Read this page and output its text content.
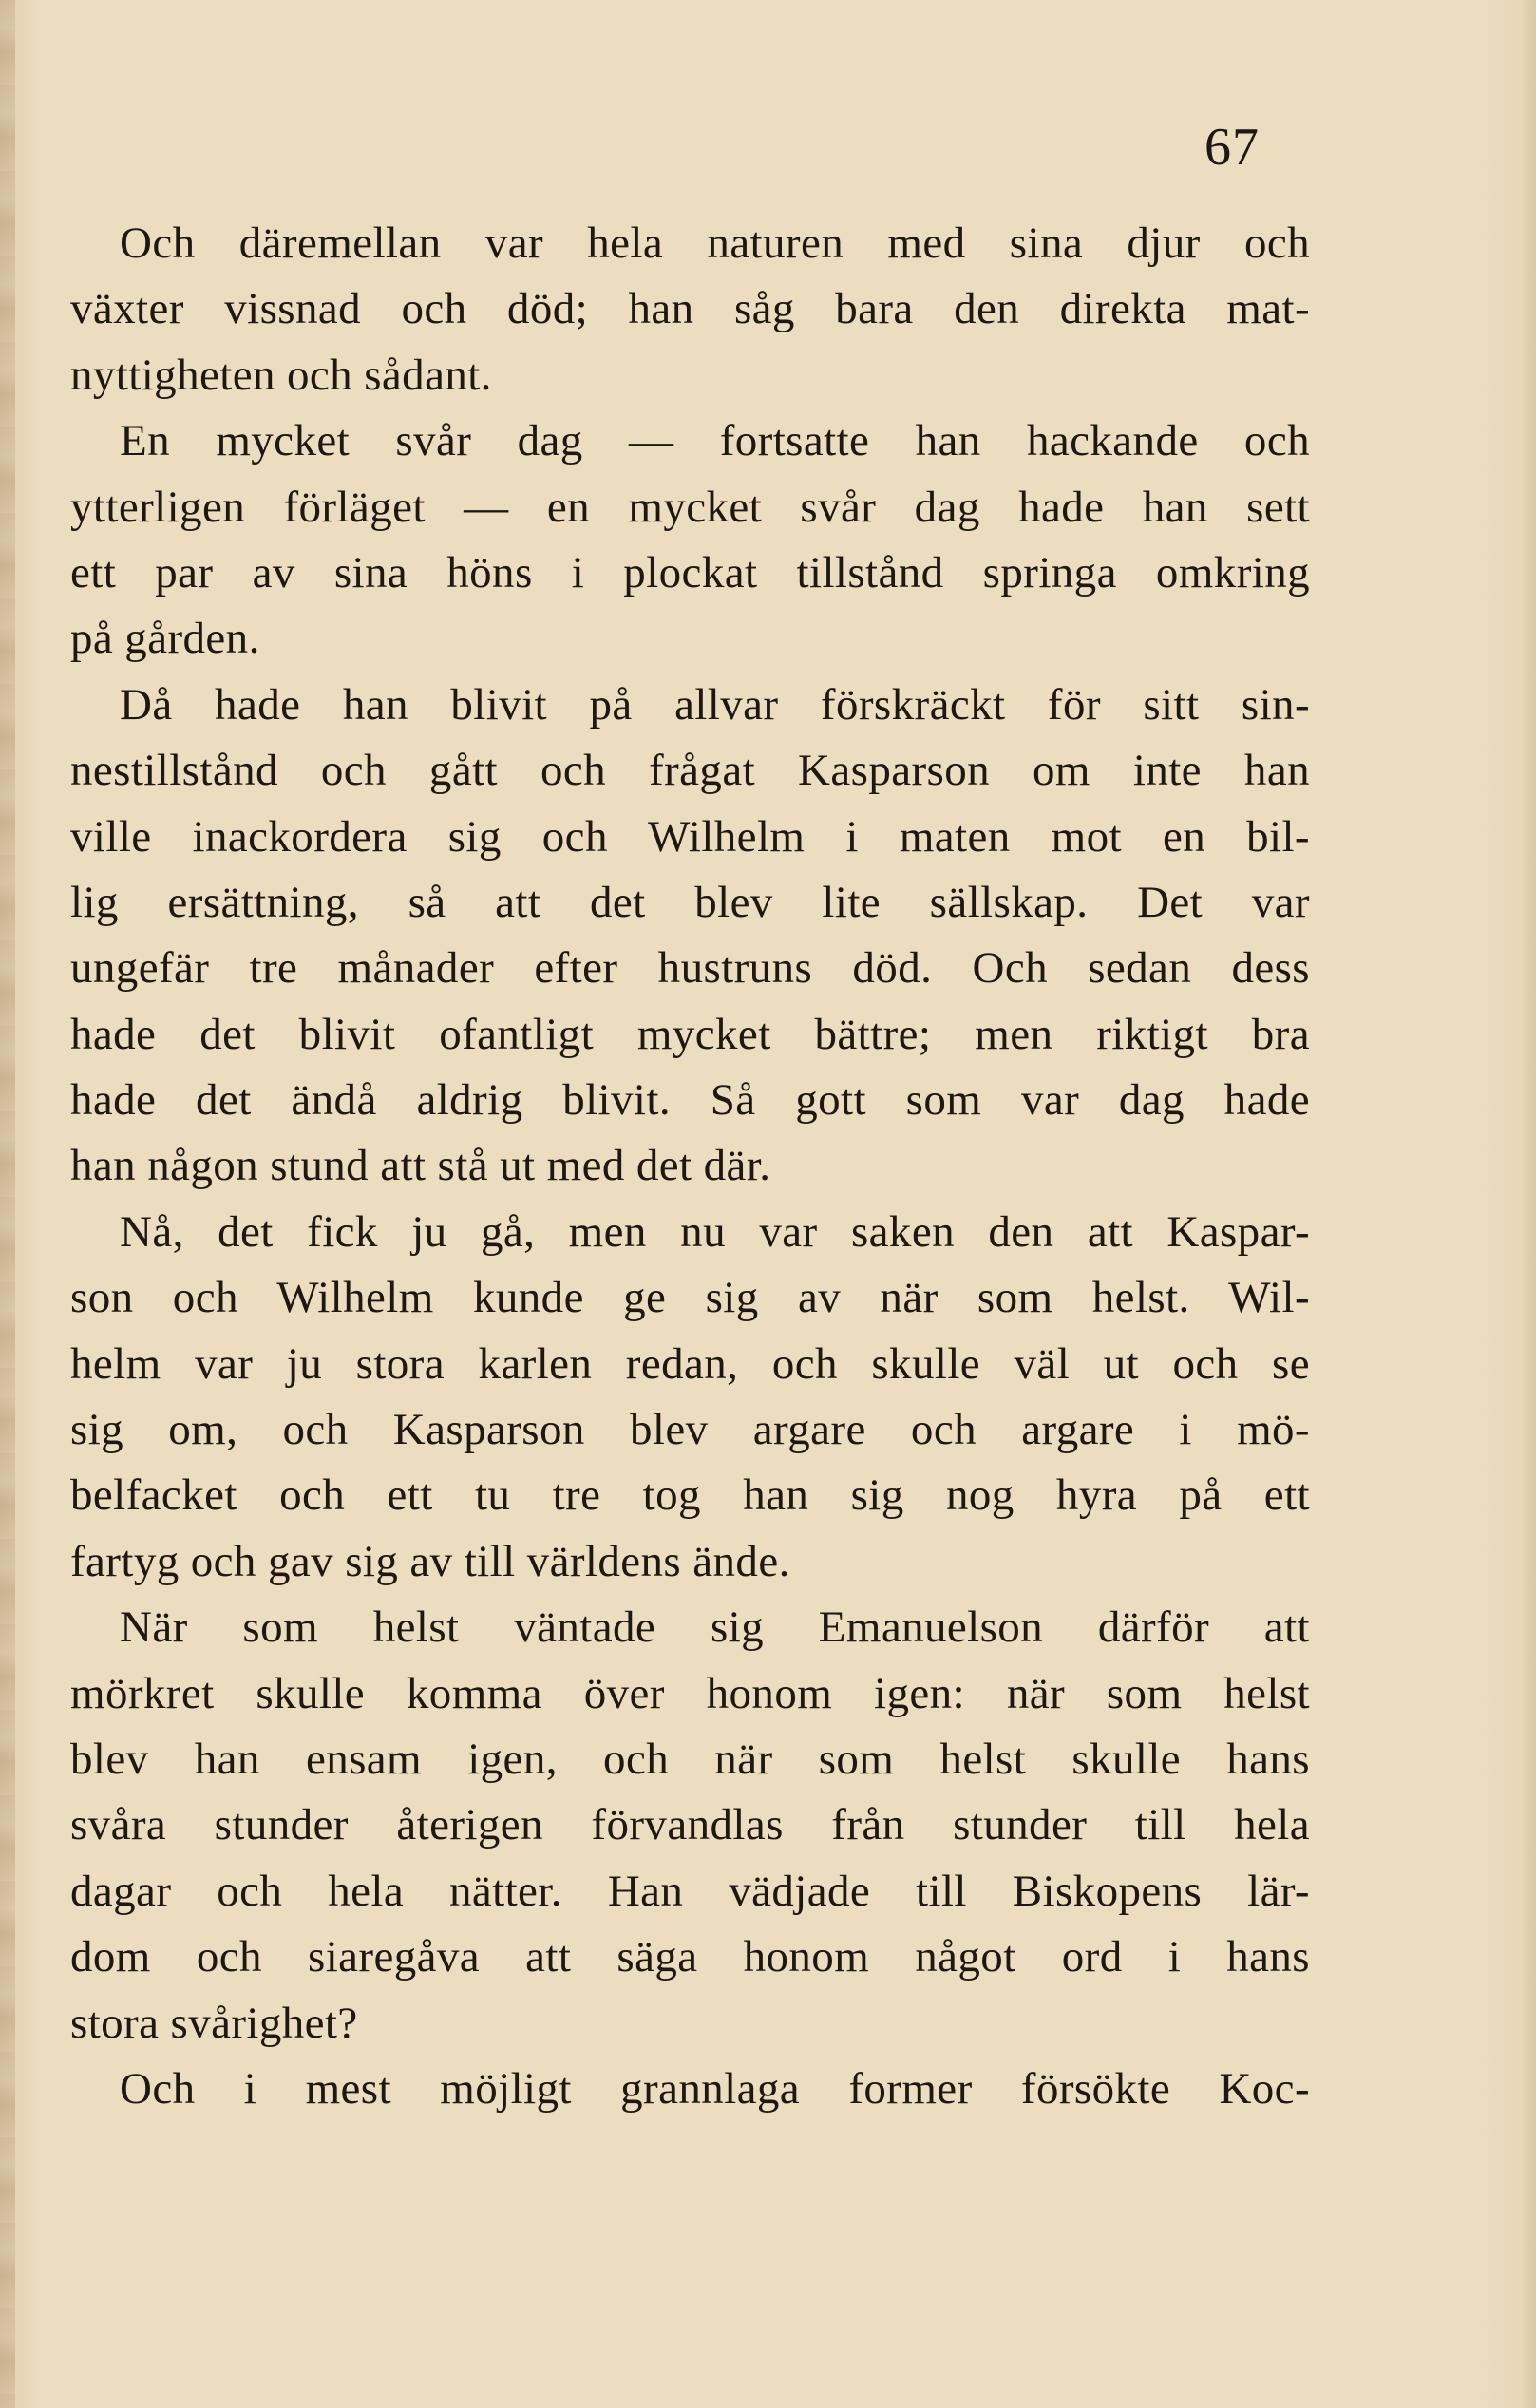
67
Och däremellan var hela naturen med sina djur och
växter vissnad och död; han såg bara den direkta mat-
nyttigheten och sådant.
En mycket svår dag — fortsatte han hackande och
ytterligen förläget — en mycket svår dag hade han sett
ett par av sina höns i plockat tillstånd springa omkring
på gården.
Då hade han blivit på allvar förskräckt för sitt sin-
nestillstånd och gått och frågat Kasparson om inte han
ville inackordera sig och Wilhelm i maten mot en bil-
lig ersättning, så att det blev lite sällskap. Det var
ungefär tre månader efter hustruns död. Och sedan dess
hade det blivit ofantligt mycket bättre; men riktigt bra
hade det ändå aldrig blivit. Så gott som var dag hade
han någon stund att stå ut med det där.
Nå, det fick ju gå, men nu var saken den att Kaspar-
son och Wilhelm kunde ge sig av när som helst. Wil-
helm var ju stora karlen redan, och skulle väl ut och se
sig om, och Kasparson blev argare och argare i mö-
belfacket och ett tu tre tog han sig nog hyra på ett
fartyg och gav sig av till världens ände.
När som helst väntade sig Emanuelson därför att
mörkret skulle komma över honom igen: när som helst
blev han ensam igen, och när som helst skulle hans
svåra stunder återigen förvandlas från stunder till hela
dagar och hela nätter. Han vädjade till Biskopens lär-
dom och siaregåva att säga honom något ord i hans
stora svårighet?
Och i mest möjligt grannlaga former försökte Koc-
